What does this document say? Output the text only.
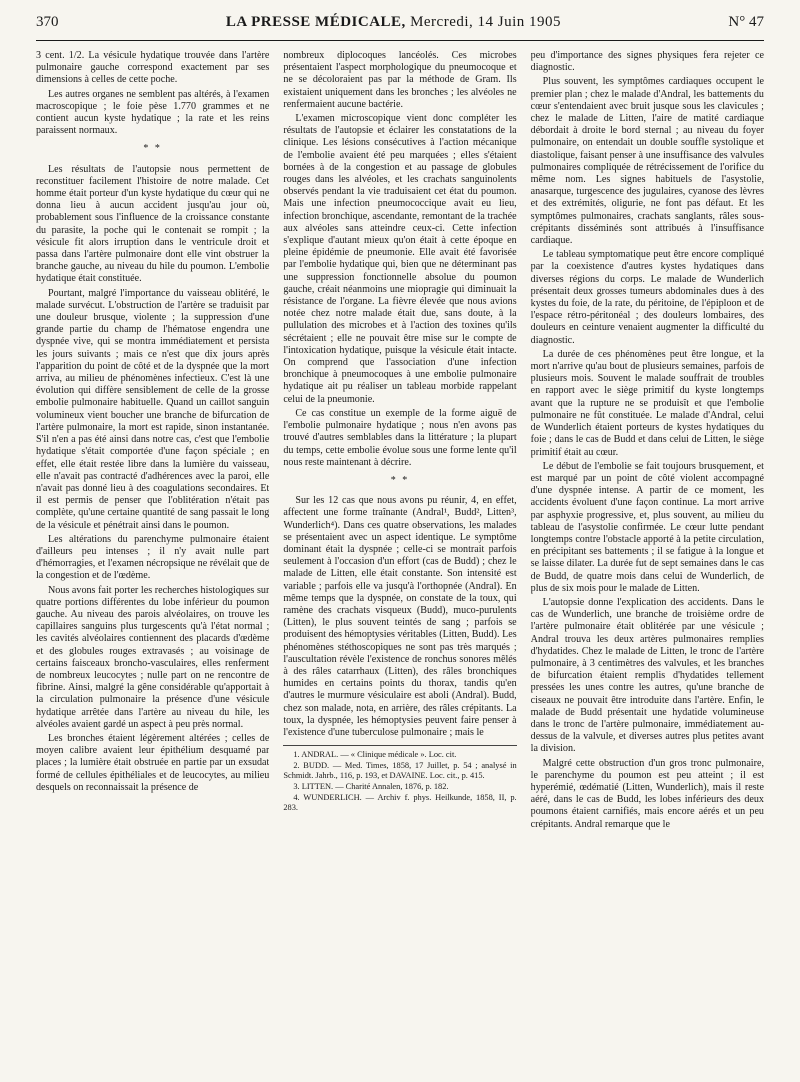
370	LA PRESSE MÉDICALE, Mercredi, 14 Juin 1905	N° 47

3 cent. 1/2. La vésicule hydatique trouvée dans l'artère pulmonaire gauche correspond exactement par ses dimensions à celles de cette poche.

Les autres organes ne semblent pas altérés, à l'examen macroscopique ; le foie pèse 1.770 grammes et ne contient aucun kyste hydatique ; la rate et les reins paraissent normaux.

* *

Les résultats de l'autopsie nous permettent de reconstituer facilement l'histoire de notre malade. Cet homme était porteur d'un kyste hydatique du cœur qui ne donna lieu à aucun accident jusqu'au jour où, probablement sous l'influence de la croissance constante du parasite, la poche qui le contenait se rompit ; la vésicule fit alors irruption dans le ventricule droit et passa dans l'artère pulmonaire dont elle vint obstruer la branche gauche, au niveau du hile du poumon. L'embolie hydatique était constituée.

Pourtant, malgré l'importance du vaisseau oblitéré, le malade survécut. L'obstruction de l'artère se traduisit par une douleur brusque, violente ; la suppression d'une grande partie du champ de l'hématose engendra une dyspnée vive, qui se montra immédiatement et persista les jours suivants ; mais ce n'est que dix jours après l'apparition du point de côté et de la dyspnée que la mort arriva, au milieu de phénomènes infectieux. C'est là une évolution qui diffère sensiblement de celle de la grosse embolie pulmonaire habituelle. Quand un caillot sanguin volumineux vient boucher une branche de bifurcation de l'artère pulmonaire, la mort est rapide, sinon instantanée. S'il n'en a pas été ainsi dans notre cas, c'est que l'embolie hydatique s'était comportée d'une façon spéciale ; en effet, elle était restée libre dans la lumière du vaisseau, elle n'avait pas contracté d'adhérences avec la paroi, elle n'avait pas donné lieu à des coagulations secondaires. Et il est permis de penser que l'oblitération n'était pas complète, qu'une certaine quantité de sang passait le long de la vésicule et pénétrait ainsi dans le poumon.

Les altérations du parenchyme pulmonaire étaient d'ailleurs peu intenses ; il n'y avait nulle part d'hémorragies, et l'examen nécropsique ne révélait que de la congestion et de l'œdème.

Nous avons fait porter les recherches histologiques sur quatre portions différentes du lobe inférieur du poumon gauche. Au niveau des parois alvéolaires, on trouve les capillaires sanguins plus turgescents qu'à l'état normal ; les cavités alvéolaires contiennent des placards d'œdème et des globules rouges extravasés ; au voisinage de certains faisceaux broncho-vasculaires, elles renferment de nombreux leucocytes ; nulle part on ne rencontre de fibrine. Ainsi, malgré la gêne considérable qu'apportait à la circulation pulmonaire la présence d'une vésicule hydatique arrêtée dans l'artère au niveau du hile, les alvéoles avaient gardé un aspect à peu près normal.

Les bronches étaient légèrement altérées ; celles de moyen calibre avaient leur épithélium desquamé par places ; la lumière était obstruée en partie par un exsudat formé de cellules épithéliales et de leucocytes, au milieu desquels on reconnaissait la présence de

nombreux diplocoques lancéolés. Ces microbes présentaient l'aspect morphologique du pneumocoque et ne se décoloraient pas par la méthode de Gram. Ils existaient uniquement dans les bronches ; les alvéoles ne renfermaient aucune bactérie.

L'examen microscopique vient donc compléter les résultats de l'autopsie et éclairer les constatations de la clinique. Les lésions consécutives à l'action mécanique de l'embolie avaient été peu marquées ; elles s'étaient bornées à de la congestion et au passage de globules rouges dans les alvéoles, et les crachats sanguinolents observés pendant la vie traduisaient cet état du poumon. Mais une infection pneumococcique avait eu lieu, infection bronchique, ascendante, remontant de la trachée aux alvéoles sans atteindre ceux-ci. Cette infection s'explique d'autant mieux qu'on était à cette époque en pleine épidémie de pneumonie. Elle avait été favorisée par l'embolie hydatique qui, bien que ne déterminant pas une suppression fonctionnelle absolue du poumon gauche, créait néanmoins une miopragie qui diminuait la résistance de l'organe. La fièvre élevée que nous avions notée chez notre malade était due, sans doute, à la pullulation des microbes et à l'action des toxines qu'ils sécrétaient ; elle ne pouvait être mise sur le compte de l'intoxication hydatique, puisque la vésicule était intacte. On comprend que l'association d'une infection bronchique à pneumocoques à une embolie pulmonaire hydatique ait pu réaliser un tableau morbide rappelant celui de la pneumonie.

Ce cas constitue un exemple de la forme aiguë de l'embolie pulmonaire hydatique ; nous n'en avons pas trouvé d'autres semblables dans la littérature ; la plupart du temps, cette embolie évolue sous une forme lente qu'il nous reste maintenant à décrire.

* *

Sur les 12 cas que nous avons pu réunir, 4, en effet, affectent une forme traînante (Andral¹, Budd², Litten³, Wunderlich⁴). Dans ces quatre observations, les malades se présentaient avec un aspect identique. Le symptôme dominant était la dyspnée ; celle-ci se montrait parfois seulement à l'occasion d'un effort (cas de Budd) ; chez le malade de Litten, elle était constante. Son intensité est variable ; parfois elle va jusqu'à l'orthopnée (Andral). En même temps que la dyspnée, on constate de la toux, qui ramène des crachats visqueux (Budd), muco-purulents (Litten), le plus souvent teintés de sang ; parfois se produisent des hémoptysies véritables (Litten, Budd). Les phénomènes stéthoscopiques ne sont pas très marqués ; l'auscultation révèle l'existence de ronchus sonores mêlés à des râles catarrhaux (Litten), des râles bronchiques humides en certains points du thorax, tandis qu'en d'autres le murmure vésiculaire est aboli (Andral). Budd, chez son malade, nota, en arrière, des râles crépitants. La toux, la dyspnée, les hémoptysies peuvent faire penser à l'existence d'une tuberculose pulmonaire ; mais le

1. ANDRAL. — « Clinique médicale ». Loc. cit.

2. BUDD. — Med. Times, 1858, 17 Juillet, p. 54 ; analysé in Schmidt. Jahrb., 116, p. 193, et DAVAINE. Loc. cit., p. 415.

3. LITTEN. — Charité Annalen, 1876, p. 182.

4. WUNDERLICH. — Archiv f. phys. Heilkunde, 1858, II, p. 283.

peu d'importance des signes physiques fera rejeter ce diagnostic.

Plus souvent, les symptômes cardiaques occupent le premier plan ; chez le malade d'Andral, les battements du cœur s'entendaient avec bruit jusque sous les clavicules ; chez le malade de Litten, l'aire de matité cardiaque débordait à droite le bord sternal ; au niveau du foyer pulmonaire, on entendait un double souffle systolique et diastolique, faisant penser à une insuffisance des valvules pulmonaires compliquée de rétrécissement de l'orifice du même nom. Les signes habituels de l'asystolie, anasarque, turgescence des jugulaires, cyanose des lèvres et des extrémités, oligurie, ne font pas défaut. Et les symptômes pulmonaires, crachats sanglants, râles sous-crépitants disséminés sont attribués à l'insuffisance cardiaque.

Le tableau symptomatique peut être encore compliqué par la coexistence d'autres kystes hydatiques dans diverses régions du corps. Le malade de Wunderlich présentait deux grosses tumeurs abdominales dues à des kystes du foie, de la rate, du péritoine, de l'épiploon et de l'espace rétro-péritonéal ; des douleurs lombaires, des douleurs en ceinture venaient augmenter la difficulté du diagnostic.

La durée de ces phénomènes peut être longue, et la mort n'arrive qu'au bout de plusieurs semaines, parfois de plusieurs mois. Souvent le malade souffrait de troubles en rapport avec le siège primitif du kyste longtemps avant que la rupture ne se produisît et que l'embolie pulmonaire ne fût constituée. Le malade d'Andral, celui de Wunderlich étaient porteurs de kystes hydatiques du foie ; dans le cas de Budd et dans celui de Litten, le siège primitif était au cœur.

Le début de l'embolie se fait toujours brusquement, et est marqué par un point de côté violent accompagné d'une dyspnée intense. A partir de ce moment, les accidents évoluent d'une façon continue. La mort arrive par asphyxie progressive, et, plus souvent, au milieu du tableau de l'asystolie confirmée. Le cœur lutte pendant longtemps contre l'obstacle apporté à la petite circulation, en précipitant ses battements ; il se fatigue à la longue et se laisse dilater. La durée fut de sept semaines dans le cas de Budd, de quatre mois dans celui de Wunderlich, de plus de six mois pour le malade de Litten.

L'autopsie donne l'explication des accidents. Dans le cas de Wunderlich, une branche de troisième ordre de l'artère pulmonaire était oblitérée par une vésicule ; Andral trouva les deux artères pulmonaires remplies d'hydatides. Chez le malade de Litten, le tronc de l'artère pulmonaire, à 3 centimètres des valvules, et les branches de bifurcation étaient remplis d'hydatides tellement pressées les unes contre les autres, qu'une branche de ciseaux ne pouvait être introduite dans l'artère. Enfin, le malade de Budd présentait une hydatide volumineuse dans le tronc de l'artère pulmonaire, immédiatement au-dessus de la valvule, et diverses autres plus petites avant la division.

Malgré cette obstruction d'un gros tronc pulmonaire, le parenchyme du poumon est peu atteint ; il est hyperémié, œdématié (Litten, Wunderlich), mais il reste aéré, dans le cas de Budd, les lobes inférieurs des deux poumons étaient carnifiés, mais encore aérés et un peu crépitants. Andral remarque que le
